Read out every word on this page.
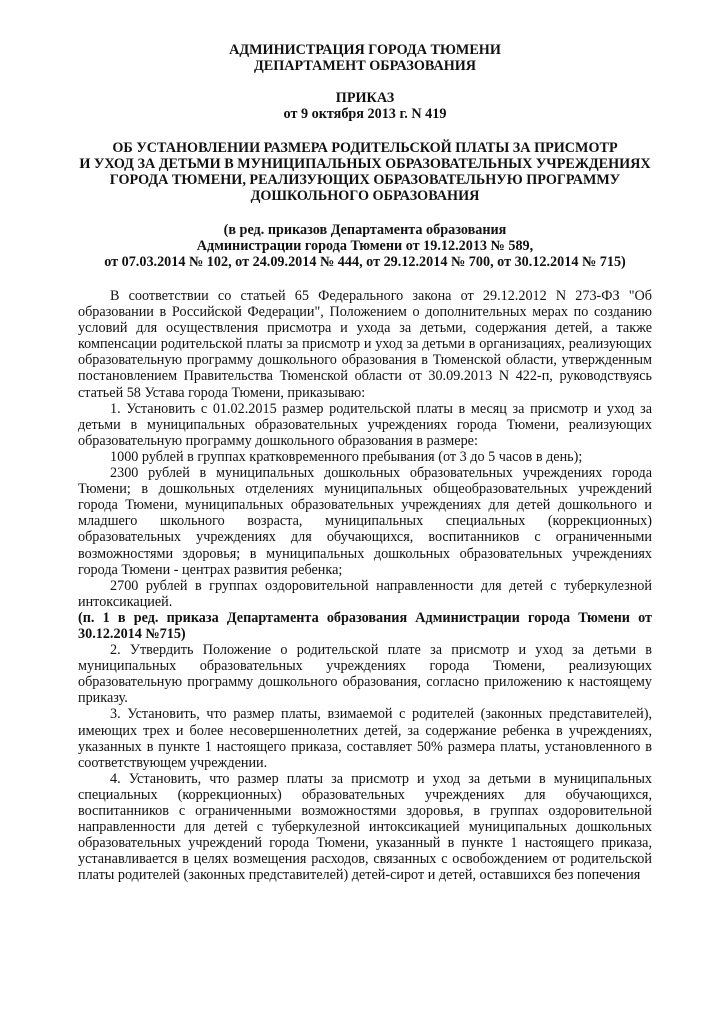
АДМИНИСТРАЦИЯ ГОРОДА ТЮМЕНИ
ДЕПАРТАМЕНТ ОБРАЗОВАНИЯ
ПРИКАЗ
от 9 октября 2013 г. N 419
ОБ УСТАНОВЛЕНИИ РАЗМЕРА РОДИТЕЛЬСКОЙ ПЛАТЫ ЗА ПРИСМОТР
И УХОД ЗА ДЕТЬМИ В МУНИЦИПАЛЬНЫХ ОБРАЗОВАТЕЛЬНЫХ УЧРЕЖДЕНИЯХ
ГОРОДА ТЮМЕНИ, РЕАЛИЗУЮЩИХ ОБРАЗОВАТЕЛЬНУЮ ПРОГРАММУ
ДОШКОЛЬНОГО ОБРАЗОВАНИЯ
(в ред. приказов Департамента образования
Администрации города Тюмени от 19.12.2013 № 589,
от 07.03.2014 № 102, от 24.09.2014 № 444, от 29.12.2014 № 700, от 30.12.2014 № 715)

В соответствии со статьей 65 Федерального закона от 29.12.2012 N 273-ФЗ "Об образовании в Российской Федерации", Положением о дополнительных мерах по созданию условий для осуществления присмотра и ухода за детьми, содержания детей, а также компенсации родительской платы за присмотр и уход за детьми в организациях, реализующих образовательную программу дошкольного образования в Тюменской области, утвержденным постановлением Правительства Тюменской области от 30.09.2013 N 422-п, руководствуясь статьей 58 Устава города Тюмени, приказываю:

1. Установить с 01.02.2015 размер родительской платы в месяц за присмотр и уход за детьми в муниципальных образовательных учреждениях города Тюмени, реализующих образовательную программу дошкольного образования в размере:

1000 рублей в группах кратковременного пребывания (от 3 до 5 часов в день);

2300 рублей в муниципальных дошкольных образовательных учреждениях города Тюмени; в дошкольных отделениях муниципальных общеобразовательных учреждений города Тюмени, муниципальных образовательных учреждениях для детей дошкольного и младшего школьного возраста, муниципальных специальных (коррекционных) образовательных учреждениях для обучающихся, воспитанников с ограниченными возможностями здоровья; в муниципальных дошкольных образовательных учреждениях города Тюмени - центрах развития ребенка;

2700 рублей в группах оздоровительной направленности для детей с туберкулезной интоксикацией.

(п. 1 в ред. приказа Департамента образования Администрации города Тюмени от 30.12.2014 №715)

2. Утвердить Положение о родительской плате за присмотр и уход за детьми в муниципальных образовательных учреждениях города Тюмени, реализующих образовательную программу дошкольного образования, согласно приложению к настоящему приказу.

3. Установить, что размер платы, взимаемой с родителей (законных представителей), имеющих трех и более несовершеннолетних детей, за содержание ребенка в учреждениях, указанных в пункте 1 настоящего приказа, составляет 50% размера платы, установленного в соответствующем учреждении.

4. Установить, что размер платы за присмотр и уход за детьми в муниципальных специальных (коррекционных) образовательных учреждениях для обучающихся, воспитанников с ограниченными возможностями здоровья, в группах оздоровительной направленности для детей с туберкулезной интоксикацией муниципальных дошкольных образовательных учреждений города Тюмени, указанный в пункте 1 настоящего приказа, устанавливается в целях возмещения расходов, связанных с освобождением от родительской платы родителей (законных представителей) детей-сирот и детей, оставшихся без попечения
